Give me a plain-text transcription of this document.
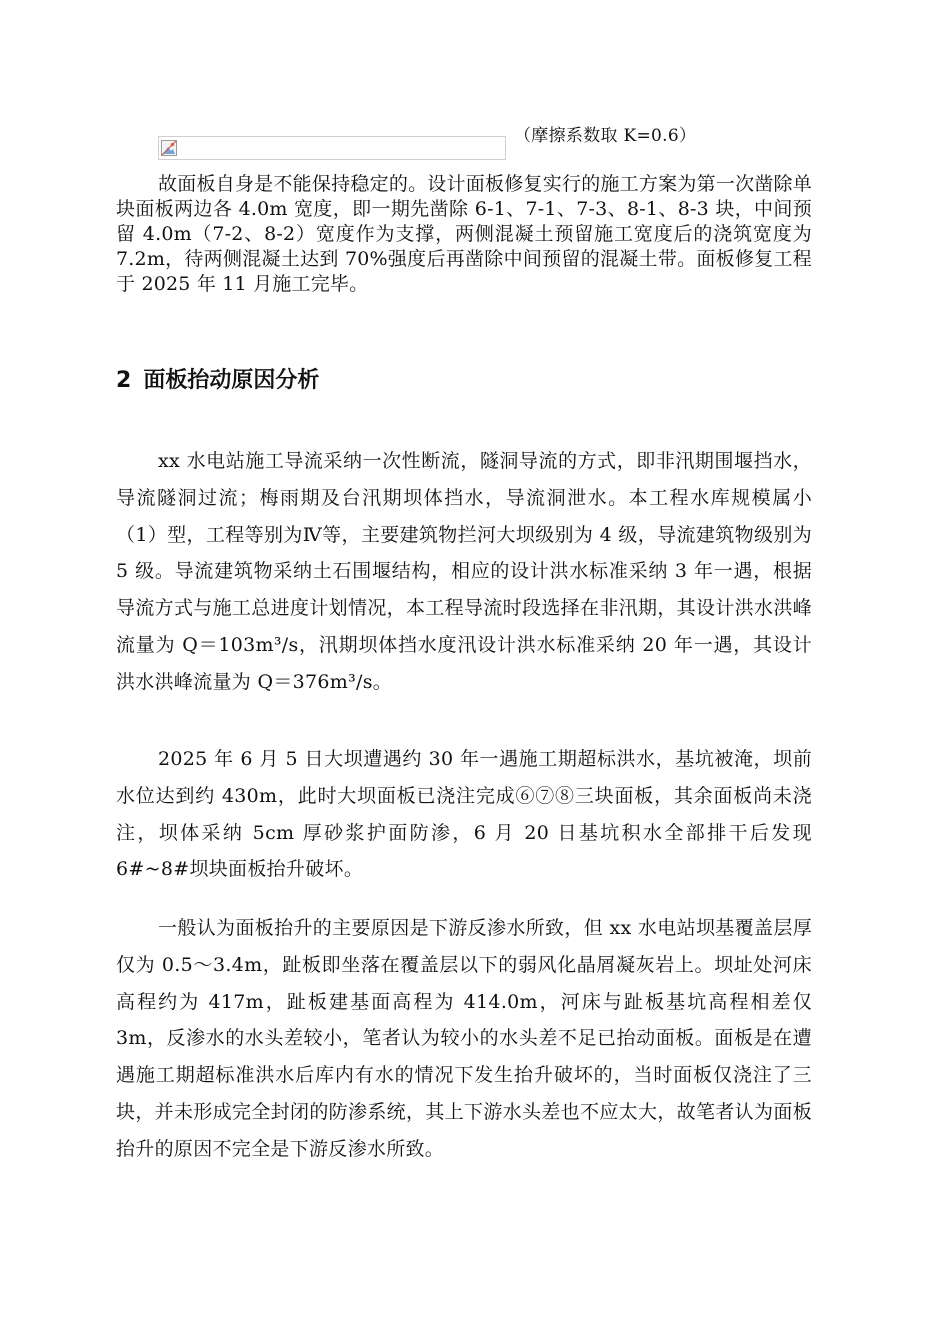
（摩擦系数取 K=0.6）

故面板自身是不能保持稳定的。设计面板修复实行的施工方案为第一次凿除单块面板两边各 4.0m 宽度，即一期先凿除 6-1、7-1、7-3、8-1、8-3 块，中间预留 4.0m（7-2、8-2）宽度作为支撑，两侧混凝土预留施工宽度后的浇筑宽度为 7.2m，待两侧混凝土达到 70%强度后再凿除中间预留的混凝土带。面板修复工程于 2025 年 11 月施工完毕。

2 面板抬动原因分析

xx 水电站施工导流采纳一次性断流，隧洞导流的方式，即非汛期围堰挡水，导流隧洞过流；梅雨期及台汛期坝体挡水，导流洞泄水。本工程水库规模属小（1）型，工程等别为Ⅳ等，主要建筑物拦河大坝级别为 4 级，导流建筑物级别为 5 级。导流建筑物采纳土石围堰结构，相应的设计洪水标准采纳 3 年一遇，根据导流方式与施工总进度计划情况，本工程导流时段选择在非汛期，其设计洪水洪峰流量为 Q＝103m³/s，汛期坝体挡水度汛设计洪水标准采纳 20 年一遇，其设计洪水洪峰流量为 Q＝376m³/s。

2025 年 6 月 5 日大坝遭遇约 30 年一遇施工期超标洪水，基坑被淹，坝前水位达到约 430m，此时大坝面板已浇注完成⑥⑦⑧三块面板，其余面板尚未浇注，坝体采纳 5cm 厚砂浆护面防渗，6 月 20 日基坑积水全部排干后发现 6#~8#坝块面板抬升破坏。

一般认为面板抬升的主要原因是下游反渗水所致，但 xx 水电站坝基覆盖层厚仅为 0.5～3.4m，趾板即坐落在覆盖层以下的弱风化晶屑凝灰岩上。坝址处河床高程约为 417m，趾板建基面高程为 414.0m，河床与趾板基坑高程相差仅 3m，反渗水的水头差较小，笔者认为较小的水头差不足已抬动面板。面板是在遭遇施工期超标准洪水后库内有水的情况下发生抬升破坏的，当时面板仅浇注了三块，并未形成完全封闭的防渗系统，其上下游水头差也不应太大，故笔者认为面板抬升的原因不完全是下游反渗水所致。
